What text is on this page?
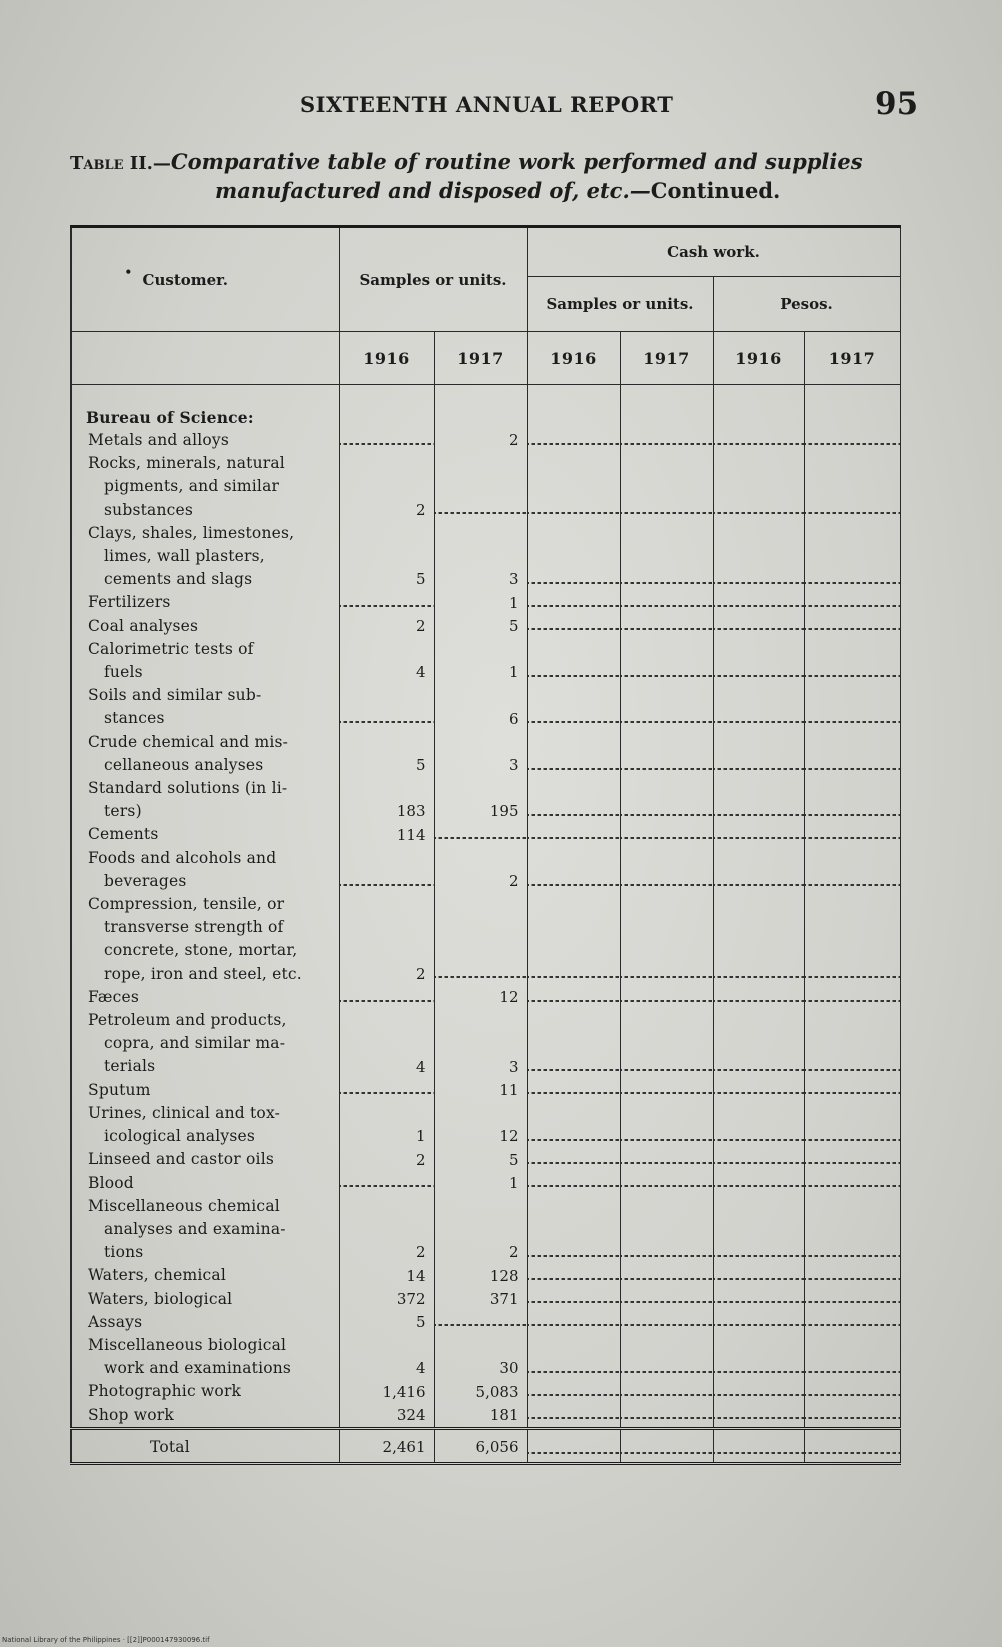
SIXTEENTH ANNUAL REPORT	95
Table II.—Comparative table of routine work performed and supplies
manufactured and disposed of, etc.—Continued.
• Customer.	Samples or units.		Cash work.			
			Samples or units.		Pesos.	
	1916	1917	1916	1917	1916	1917
Bureau of Science:						

Metals and alloys		2				

Rocks, minerals, natural
pigments, and similar
substances	2					

Clays, shales, limestones,
limes, wall plasters,
cements and slags	5	3				

Fertilizers		1				

Coal analyses	2	5				

Calorimetric tests of
fuels	4	1				

Soils and similar sub-
stances		6				

Crude chemical and mis-
cellaneous analyses	5	3				

Standard solutions (in li-
ters)	183	195				

Cements	114					

Foods and alcohols and
beverages		2				

Compression, tensile, or
transverse strength of
concrete, stone, mortar,
rope, iron and steel, etc.	2					

Fæces		12				

Petroleum and products,
copra, and similar ma-
terials	4	3				

Sputum		11				

Urines, clinical and tox-
icological analyses	1	12				

Linseed and castor oils	2	5				

Blood		1				

Miscellaneous chemical
analyses and examina-
tions	2	2				

Waters, chemical	14	128				

Waters, biological	372	371				

Assays	5					

Miscellaneous biological
work and examinations	4	30				

Photographic work	1,416	5,083				

Shop work	324	181				
Total	2,461	6,056				
National Library of the Philippines · [[2]]P000147930096.tif
